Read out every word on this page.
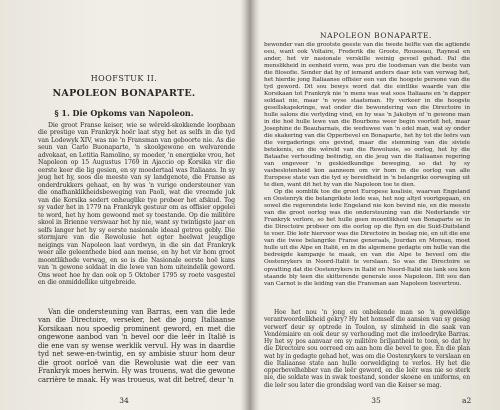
HOOFSTUK II.
NAPOLEON BONAPARTE.
§ 1. Die Opkoms van Napoleon.

Die groot Franse keiser, wie se wêreld-skokkende loopbaan die prestige van Frankryk hoër laat styg het as selfs in die tyd van Lodewyk XIV, was nie 'n Fransman van geboorte nie. As die seun van Carlo Buonaparte, 'n skoolgewone en welvarende advokaat, en Letitia Ramolino, sy moeder, 'n energieke vrou, het Napoleon op 15 Augustus 1769 in Ajaccio op Korsika vir die eerste keer die lig gesien, en sy moedertaal was Italiaans. In sy jeug het hy, soos die meeste van sy landgenote, die Franse as onderdrukkers gehaat, en hy was 'n vurige ondersteuner van die onafhanklikheidsbeweging van Paoli, wat die vreemde juk van die Korsika sedert onheuglike tye probeer het afskud. Tog sy vader het in 1779 na Frankryk gestuur om as offisier opgelei te word, het hy hom gewoond met sy toestande. Op die militêre skool in Brienne verswaar het hy nie, want sy twintigste jaar en selfs langer het hy sy eerste nasionale ideaal getrou gebly. Die stormjare van die Rewolusie het egter heelwat jeugdige neigings van Napoleon laat verdwyn, in die sin dat Frankryk weer alle geleenthede bied aan mense, en hy het vir hom groot moontlikhede verwag, en so is die Nasionale eerste hoë kans van 'n gewone soldaat in die lewe van hom uiteindelik geword. Ons weet hoe hy dan ook op 5 Oktober 1795 sy roete vasgestel en die onmiddellike uitgebreide.

Van die ondersteuning van Barras, een van die lede van die Directoire, verseker, het die jong Italiaanse Korsikaan nou spoedig prominent geword, en met die ongewone aanbod van 'n bevel oor die leër in Italië is die ene van sy wense werklik vervul. Hy was in daardie tyd net sewe-en-twintig, en sy ambisie stuur hom deur die groot oorloë van die Rewolusie wat die eer van Frankryk moes herwin. Hy was trouens, wat die gewone carrière te maak. Hy was troueus, wat dit betref, deur 'n

34
NAPOLEON BONAPARTE.

bewonder van die grootste geeste van die twede helfte van die agtiende eeu, want ook Voltaire, Frederik die Groote, Rousseau, Rayneal en ander, het vir nasionale verskille weinig gevoel gehad. Pal die menslikheid in eenheid vorm, was pru die loodsman van die beste van die filosofie. Sonder dat hy of iemand anders daar iets van verwag het, het hierdie jong Italiaanse offisier een van die hoogste persone van die tyd geword. Dit sou bewys word dat die eintlike waarde van die Korsikaan tot Frankryk nie 'n mens was wat soos Italiaans en 'n dapper soldaat nie, maar 'n wyse staatsman. Hy verkeer in die hoogste gesellskapskringe, wat onder die bewondering van die Directoire in hulle salons die verlyding vind, en hy was 'n Jakobyn of 'n gewone man in die hoë hulle lewe van die Bourbons weer begin voortsit het, maar Josephine de Beauharnais, die weduwee van 'n edel man, wat sy onder die skakering van die Opperbevel en Bonaparte, het hy tot die leërs van die vergaderings ons gevind, maar die stemming van die siviele betekenis, en die wêreld van die Rewolusie, so oorlog, het hy die Bataafse verhouding beëindig, en die jeug van die Italiaanse regering van ongeveer 'n geskiedkundige beweging, so dat hy sy vasbeslotenheid kon aanneem om vir hom in die oorlog van alle Europese state van die tyd sy bereidheid in 'n belangrike oorweging uit te dien, want dit het hy van die Napoleon toe te dien.

Op die oomblik toe die groot Europese koalisie, waarvan Engeland en Oostenryk die belangrikste lede was, het nog altyd voortgegaan, en sowel die regerendste lede Engeland nie kon bevind nie, en die meeste van die groot oorlog was die ondersteuning van die Nederlande vir Frankryk verlore, so het hulle geen moontlikheid van Bonaparte se in die Directoire probeer om die oorlog op die Ryn en die Suid-Duitsland te voer. Die leër hiervoor was die Directoire in beslag nie, en uit die ene van die twee belangrike Franse generaals, Jourdan en Moreau, moet hulle uit die Alpe en Italië, en in die algemene gedagte om hulle van die bedreigde kampanje te maak, en van die Alpe te beveel om die Oostenrykers in Noord-Italië te verslaan. So was die Directoire se opvatting dat die Oostenrykers in Italië en Noord-Italië nie lank sou kon staande bly teen die skitterende generale soos Napoleon. Dit sou dan van Carnot is die leiding van die Fransman aan Napoleon toevertrou.

Hoe het nou 'n jong en onbekende man so 'n geweldige verantwoordelikheid gekry? Hy het homself die aansien van sy gesag verwerf deur sy optrede in Toulon, sy slimheid in die saak van Vendémiaire en ook deur sy verhouding met die invloedryke Barras. Hy het sy pos aanvaar om sy militêre briljantheid te toon, so dat hy die Directoire sou oorreed om aan hom die bevel te gee. En die plan wat hy in gedagte gehad het, was om die Oostenrykers te verslaan en die Italiaanse state aan hulle oorweldiging te verlos. Hy het die opperbevelhebber van die leër geword, en die leër was nie so sterk nie, die soldate was in swak toestand, sonder skoene en uniforms, en die leër sou later die grondslag word van die Keiser se mag.

35	a2
